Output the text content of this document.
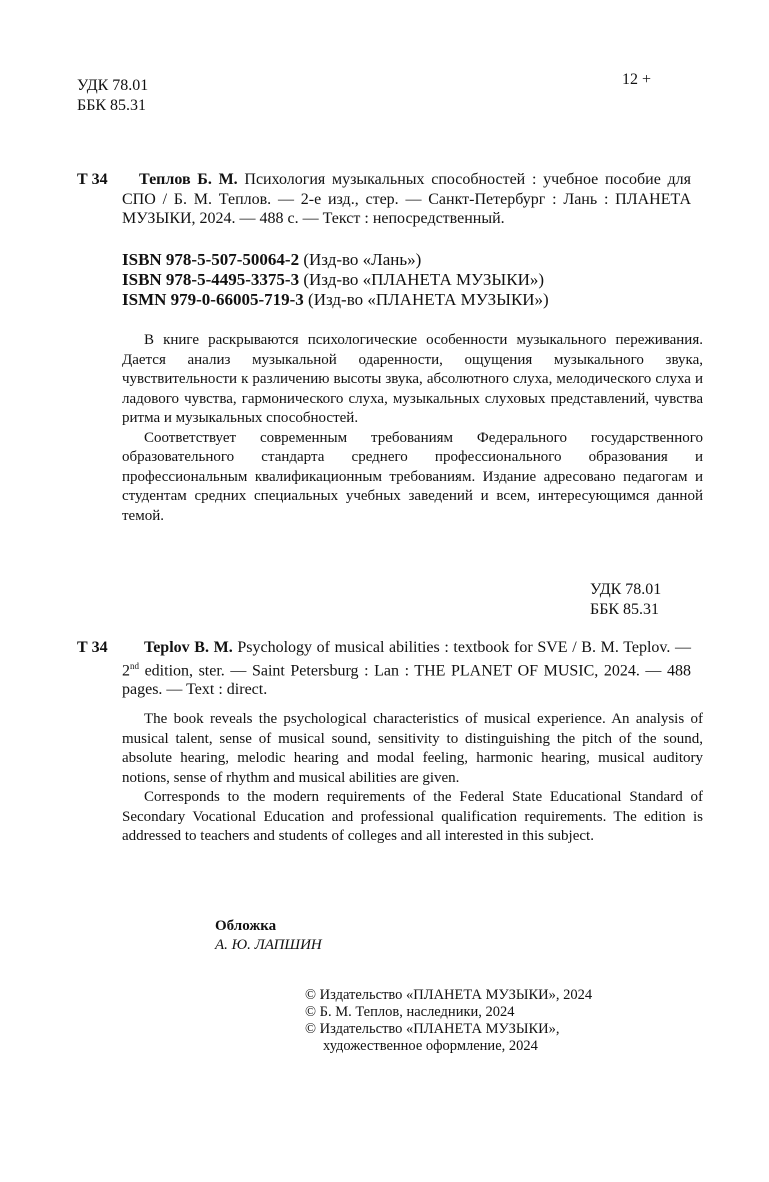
УДК 78.01
ББК 85.31
12 +
Т 34	Теплов Б. М. Психология музыкальных способностей : учебное пособие для СПО / Б. М. Теплов. — 2-е изд., стер. — Санкт-Петербург : Лань : ПЛАНЕТА МУЗЫКИ, 2024. — 488 с. — Текст : непосредственный.
ISBN 978-5-507-50064-2 (Изд-во «Лань»)
ISBN 978-5-4495-3375-3 (Изд-во «ПЛАНЕТА МУЗЫКИ»)
ISMN 979-0-66005-719-3 (Изд-во «ПЛАНЕТА МУЗЫКИ»)

В книге раскрываются психологические особенности музыкального переживания. Дается анализ музыкальной одаренности, ощущения музыкального звука, чувствительности к различению высоты звука, абсолютного слуха, мелодического слуха и ладового чувства, гармонического слуха, музыкальных слуховых представлений, чувства ритма и музыкальных способностей.

Соответствует современным требованиям Федерального государственного образовательного стандарта среднего профессионального образования и профессиональным квалификационным требованиям. Издание адресовано педагогам и студентам средних специальных учебных заведений и всем, интересующимся данной темой.

УДК 78.01
ББК 85.31
Т 34	Teplov B. M. Psychology of musical abilities : textbook for SVE / B. M. Teplov. — 2nd edition, ster. — Saint Petersburg : Lan : THE PLANET OF MUSIC, 2024. — 488 pages. — Text : direct.

The book reveals the psychological characteristics of musical experience. An analysis of musical talent, sense of musical sound, sensitivity to distinguishing the pitch of the sound, absolute hearing, melodic hearing and modal feeling, harmonic hearing, musical auditory notions, sense of rhythm and musical abilities are given.

Corresponds to the modern requirements of the Federal State Educational Standard of Secondary Vocational Education and professional qualification requirements. The edition is addressed to teachers and students of colleges and all interested in this subject.

Обложка
А. Ю. ЛАПШИН
© Издательство «ПЛАНЕТА МУЗЫКИ», 2024
© Б. М. Теплов, наследники, 2024
© Издательство «ПЛАНЕТА МУЗЫКИ»,
художественное оформление, 2024
